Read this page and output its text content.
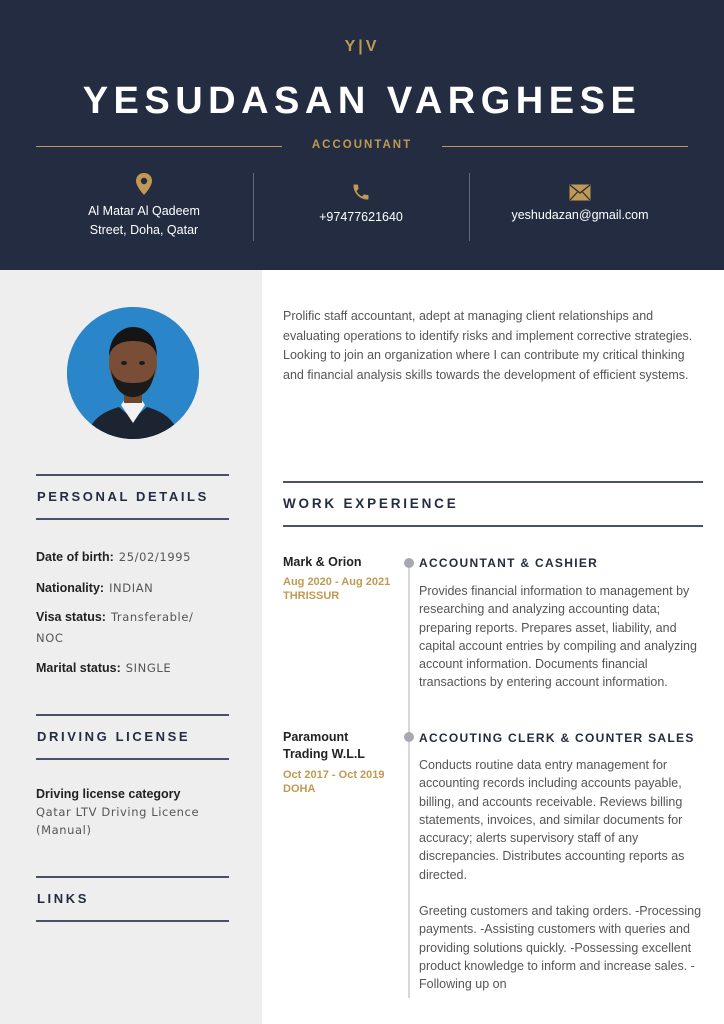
Y|V
YESUDASAN VARGHESE
ACCOUNTANT
Al Matar Al Qadeem
Street, Doha, Qatar
+97477621640	yeshudazan@gmail.com
PERSONAL DETAILS
Date of birth: 25/02/1995
Nationality: INDIAN
Visa status: Transferable/
NOC
Marital status: SINGLE
DRIVING LICENSE
Driving license category
Qatar LTV Driving Licence
(Manual)
LINKS
Prolific staff accountant, adept at managing client relationships and evaluating operations to identify risks and implement corrective strategies. Looking to join an organization where I can contribute my critical thinking and financial analysis skills towards the development of efficient systems.
WORK EXPERIENCE
Mark & Orion
Aug 2020 - Aug 2021
THRISSUR
ACCOUNTANT & CASHIER
Provides financial information to management by researching and analyzing accounting data; preparing reports. Prepares asset, liability, and capital account entries by compiling and analyzing account information. Documents financial transactions by entering account information.
Paramount
Trading W.L.L
Oct 2017 - Oct 2019
DOHA
ACCOUTING CLERK & COUNTER SALES
Conducts routine data entry management for accounting records including accounts payable, billing, and accounts receivable. Reviews billing statements, invoices, and similar documents for accuracy; alerts supervisory staff of any discrepancies. Distributes accounting reports as directed.
Greeting customers and taking orders. -Processing payments. -Assisting customers with queries and providing solutions quickly. -Possessing excellent product knowledge to inform and increase sales. -Following up on
